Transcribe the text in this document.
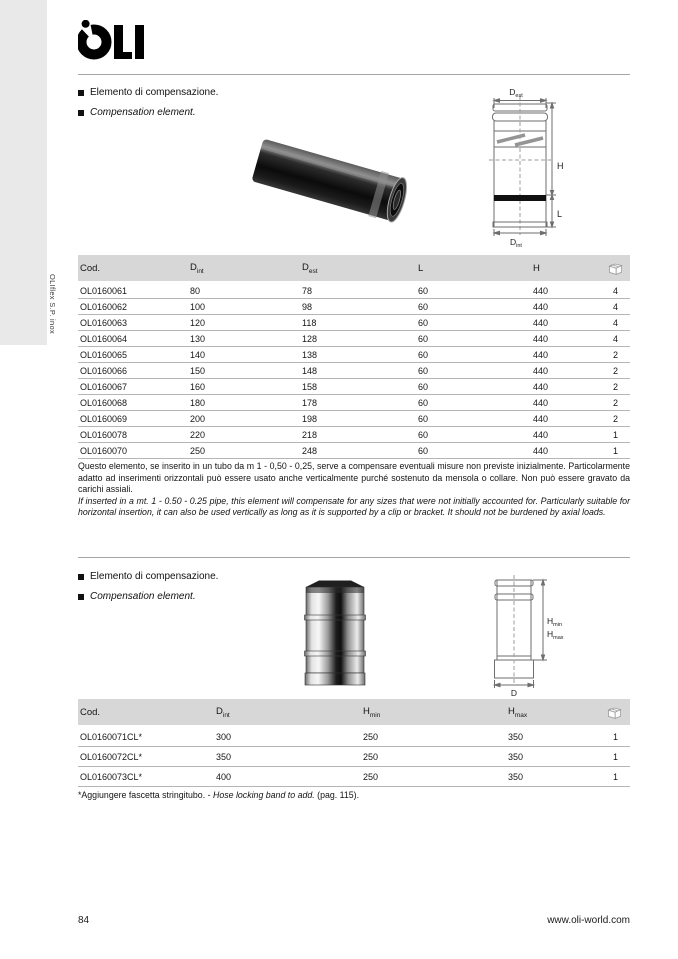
OLIflex S.P. inox
Elemento di compensazione.
Compensation element.
$D_{est}$
H
L
$D_{int}$
Cod.	$D_{int}$	$D_{est}$	L	H	
OL0160061	80	78	60	440	4
OL0160062	100	98	60	440	4
OL0160063	120	118	60	440	4
OL0160064	130	128	60	440	4
OL0160065	140	138	60	440	2
OL0160066	150	148	60	440	2
OL0160067	160	158	60	440	2
OL0160068	180	178	60	440	2
OL0160069	200	198	60	440	2
OL0160078	220	218	60	440	1
OL0160070	250	248	60	440	1
Questo elemento, se inserito in un tubo da m 1 - 0,50 - 0,25, serve a compensare eventuali misure non previste inizialmente. Particolarmente adatto ad inserimenti orizzontali può essere usato anche verticalmente purché sostenuto da mensola o collare. Non può essere gravato da carichi assiali.
If inserted in a mt. 1 - 0.50 - 0.25 pipe, this element will compensate for any sizes that were not initially accounted for. Particularly suitable for horizontal insertion, it can also be used vertically as long as it is supported by a clip or bracket. It should not be burdened by axial loads.
Elemento di compensazione.
Compensation element.
$H_{min}$
$H_{max}$
D
Cod.	$D_{int}$	$H_{min}$	$H_{max}$	
OL0160071CL*	300	250	350	1
OL0160072CL*	350	250	350	1
OL0160073CL*	400	250	350	1
*Aggiungere fascetta stringitubo. - Hose locking band to add. (pag. 115).
84	www.oli-world.com
